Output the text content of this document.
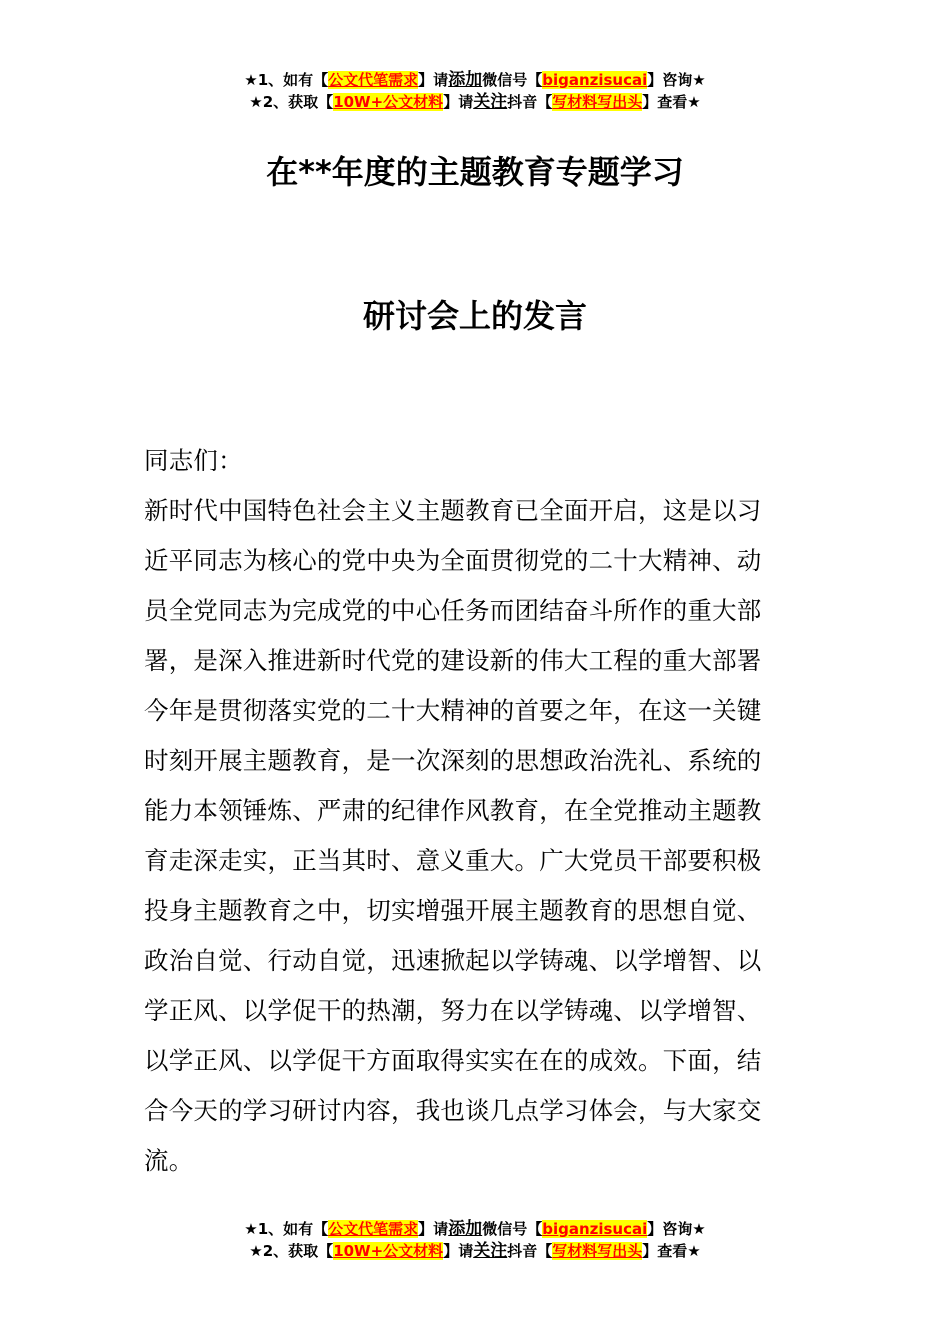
★1、如有【公文代笔需求】请添加微信号【biganzisucai】咨询★
★2、获取【10W+公文材料】请关注抖音【写材料写出头】查看★
在**年度的主题教育专题学习
研讨会上的发言
同志们：
新时代中国特色社会主义主题教育已全面开启，这是以习
近平同志为核心的党中央为全面贯彻党的二十大精神、动
员全党同志为完成党的中心任务而团结奋斗所作的重大部
署，是深入推进新时代党的建设新的伟大工程的重大部署
今年是贯彻落实党的二十大精神的首要之年，在这一关键
时刻开展主题教育，是一次深刻的思想政治洗礼、系统的
能力本领锤炼、严肃的纪律作风教育，在全党推动主题教
育走深走实，正当其时、意义重大。广大党员干部要积极
投身主题教育之中，切实增强开展主题教育的思想自觉、
政治自觉、行动自觉，迅速掀起以学铸魂、以学增智、以
学正风、以学促干的热潮，努力在以学铸魂、以学增智、
以学正风、以学促干方面取得实实在在的成效。下面，结
合今天的学习研讨内容，我也谈几点学习体会，与大家交
流。
★1、如有【公文代笔需求】请添加微信号【biganzisucai】咨询★
★2、获取【10W+公文材料】请关注抖音【写材料写出头】查看★
